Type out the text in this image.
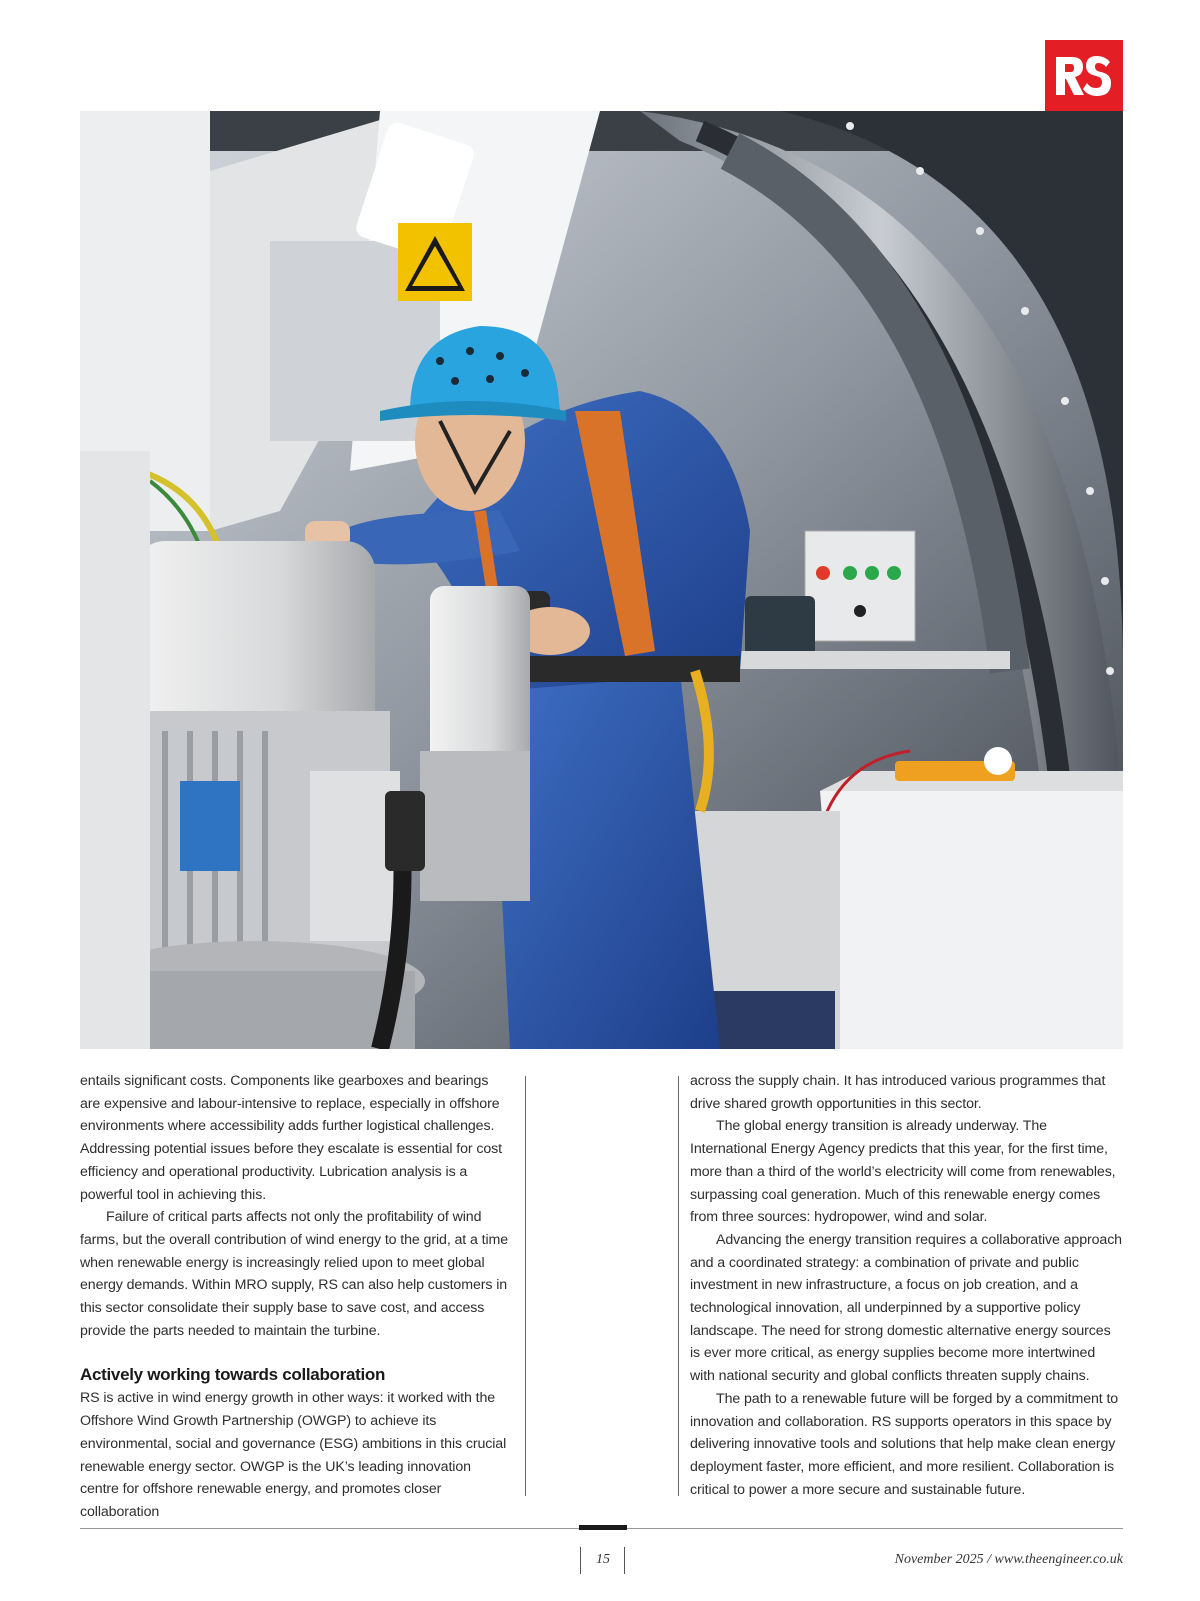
entails significant costs. Components like gearboxes and bearings are expensive and labour-intensive to replace, especially in offshore environments where accessibility adds further logistical challenges. Addressing potential issues before they escalate is essential for cost efficiency and operational productivity. Lubrication analysis is a powerful tool in achieving this.

Failure of critical parts affects not only the profitability of wind farms, but the overall contribution of wind energy to the grid, at a time when renewable energy is increasingly relied upon to meet global energy demands. Within MRO supply, RS can also help customers in this sector consolidate their supply base to save cost, and access provide the parts needed to maintain the turbine.

Actively working towards collaboration

RS is active in wind energy growth in other ways: it worked with the Offshore Wind Growth Partnership (OWGP) to achieve its environmental, social and governance (ESG) ambitions in this crucial renewable energy sector. OWGP is the UK’s leading innovation centre for offshore renewable energy, and promotes closer collaboration

across the supply chain. It has introduced various programmes that drive shared growth opportunities in this sector.

The global energy transition is already underway. The International Energy Agency predicts that this year, for the first time, more than a third of the world’s electricity will come from renewables, surpassing coal generation. Much of this renewable energy comes from three sources: hydropower, wind and solar.

Advancing the energy transition requires a collaborative approach and a coordinated strategy: a combination of private and public investment in new infrastructure, a focus on job creation, and a technological innovation, all underpinned by a supportive policy landscape. The need for strong domestic alternative energy sources is ever more critical, as energy supplies become more intertwined with national security and global conflicts threaten supply chains.

The path to a renewable future will be forged by a commitment to innovation and collaboration. RS supports operators in this space by delivering innovative tools and solutions that help make clean energy deployment faster, more efficient, and more resilient. Collaboration is critical to power a more secure and sustainable future.

15	November 2025 / www.theengineer.co.uk
